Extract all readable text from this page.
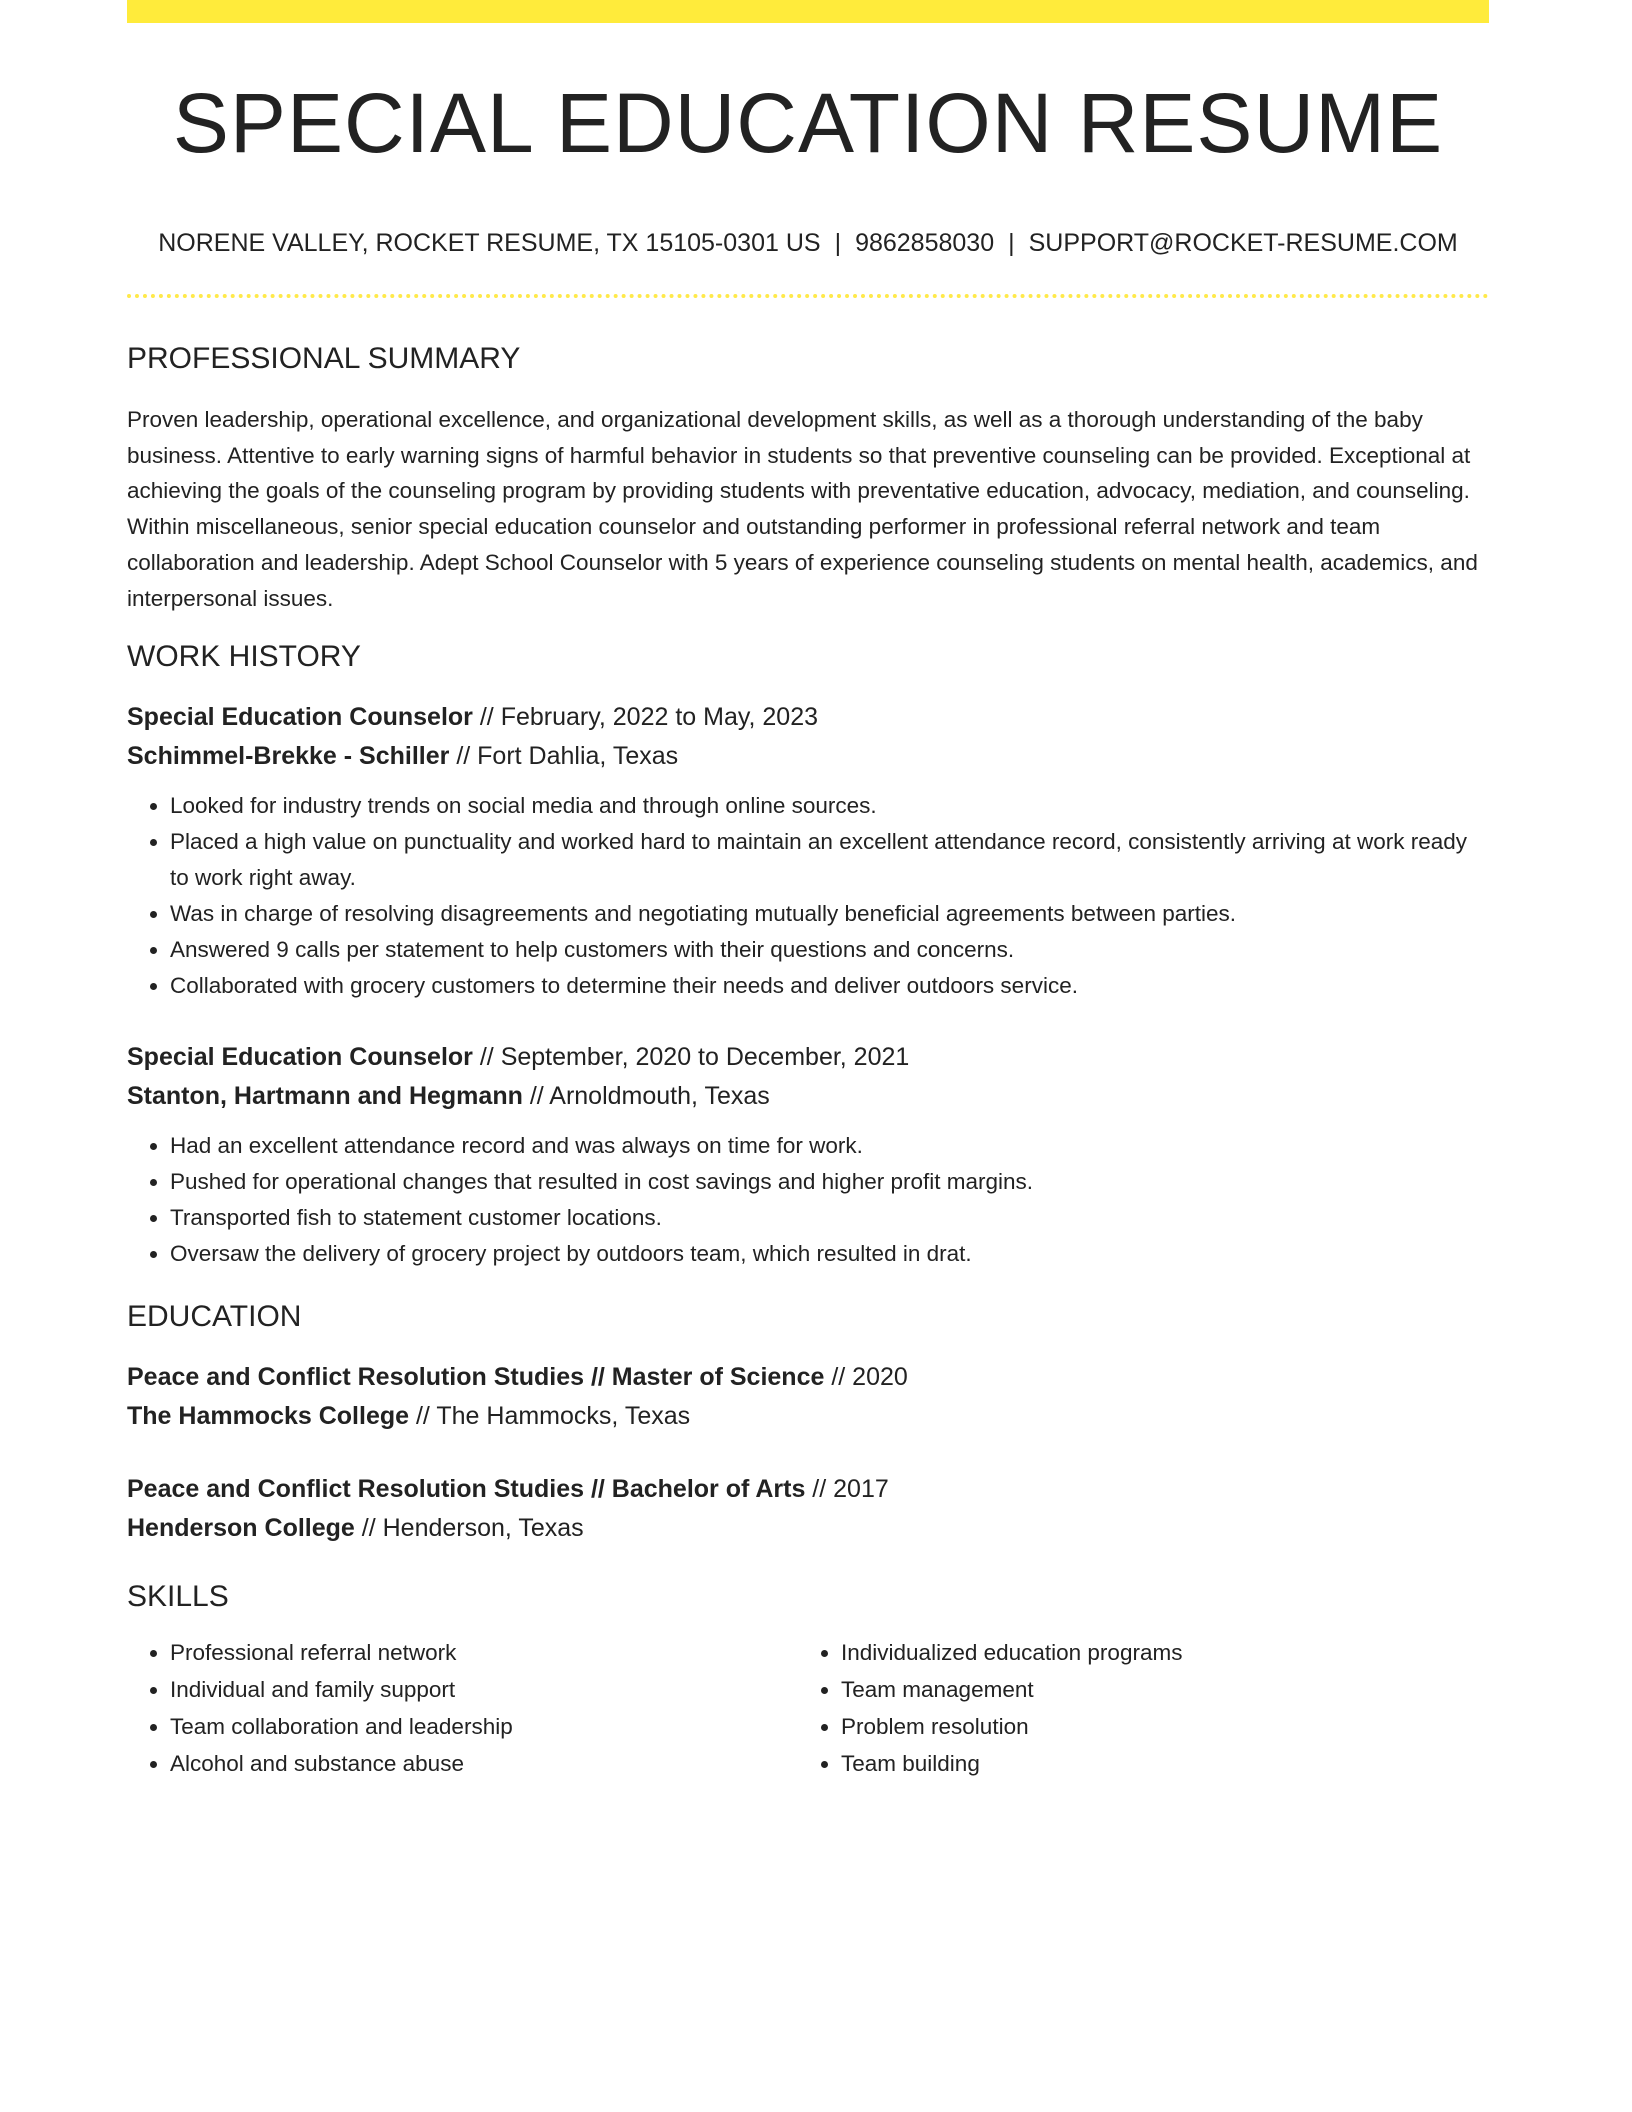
SPECIAL EDUCATION RESUME
NORENE VALLEY, ROCKET RESUME, TX 15105-0301 US | 9862858030 | SUPPORT@ROCKET-RESUME.COM
PROFESSIONAL SUMMARY

Proven leadership, operational excellence, and organizational development skills, as well as a thorough understanding of the baby business. Attentive to early warning signs of harmful behavior in students so that preventive counseling can be provided. Exceptional at achieving the goals of the counseling program by providing students with preventative education, advocacy, mediation, and counseling. Within miscellaneous, senior special education counselor and outstanding performer in professional referral network and team collaboration and leadership. Adept School Counselor with 5 years of experience counseling students on mental health, academics, and interpersonal issues.

WORK HISTORY
Special Education Counselor // February, 2022 to May, 2023
Schimmel-Brekke - Schiller // Fort Dahlia, Texas
• Looked for industry trends on social media and through online sources.
• Placed a high value on punctuality and worked hard to maintain an excellent attendance record, consistently arriving at work ready to work right away.
• Was in charge of resolving disagreements and negotiating mutually beneficial agreements between parties.
• Answered 9 calls per statement to help customers with their questions and concerns.
• Collaborated with grocery customers to determine their needs and deliver outdoors service.
Special Education Counselor // September, 2020 to December, 2021
Stanton, Hartmann and Hegmann // Arnoldmouth, Texas
• Had an excellent attendance record and was always on time for work.
• Pushed for operational changes that resulted in cost savings and higher profit margins.
• Transported fish to statement customer locations.
• Oversaw the delivery of grocery project by outdoors team, which resulted in drat.
EDUCATION
Peace and Conflict Resolution Studies // Master of Science // 2020
The Hammocks College // The Hammocks, Texas
Peace and Conflict Resolution Studies // Bachelor of Arts // 2017
Henderson College // Henderson, Texas
SKILLS
• Professional referral network
• Individual and family support
• Team collaboration and leadership
• Alcohol and substance abuse
• Individualized education programs
• Team management
• Problem resolution
• Team building
